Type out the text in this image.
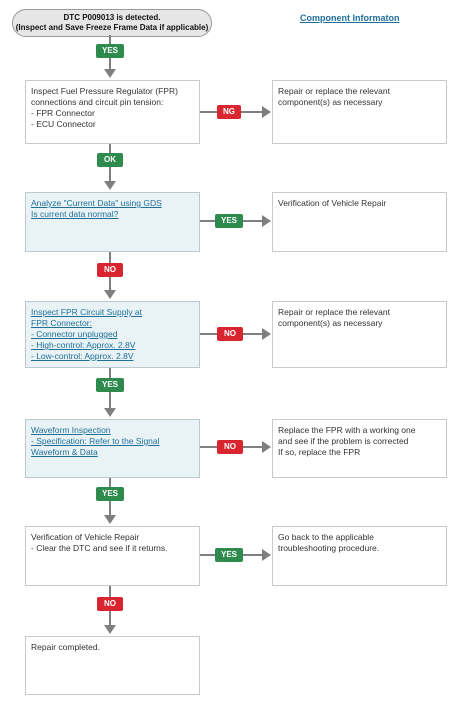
DTC P009013 is detected.
(Inspect and Save Freeze Frame Data if applicable)
Component Informaton
YES
Inspect Fuel Pressure Regulator (FPR)
connections and circuit pin tension:
- FPR Connector
- ECU Connector
NG
Repair or replace the relevant
component(s) as necessary
OK
Analyze "Current Data" using GDS
Is current data normal?
YES
Verification of Vehicle Repair
NO
Inspect FPR Circuit Supply at
FPR Connector:
- Connector unplugged
- High-control: Approx. 2.8V
- Low-control: Approx. 2.8V
NO
Repair or replace the relevant
component(s) as necessary
YES
Waveform Inspection
- Specification: Refer to the Signal
Waveform & Data
NO
Replace the FPR with a working one
and see if the problem is corrected
If so, replace the FPR
YES
Verification of Vehicle Repair
- Clear the DTC and see if it returns.
YES
Go back to the applicable
troubleshooting procedure.
NO
Repair completed.
